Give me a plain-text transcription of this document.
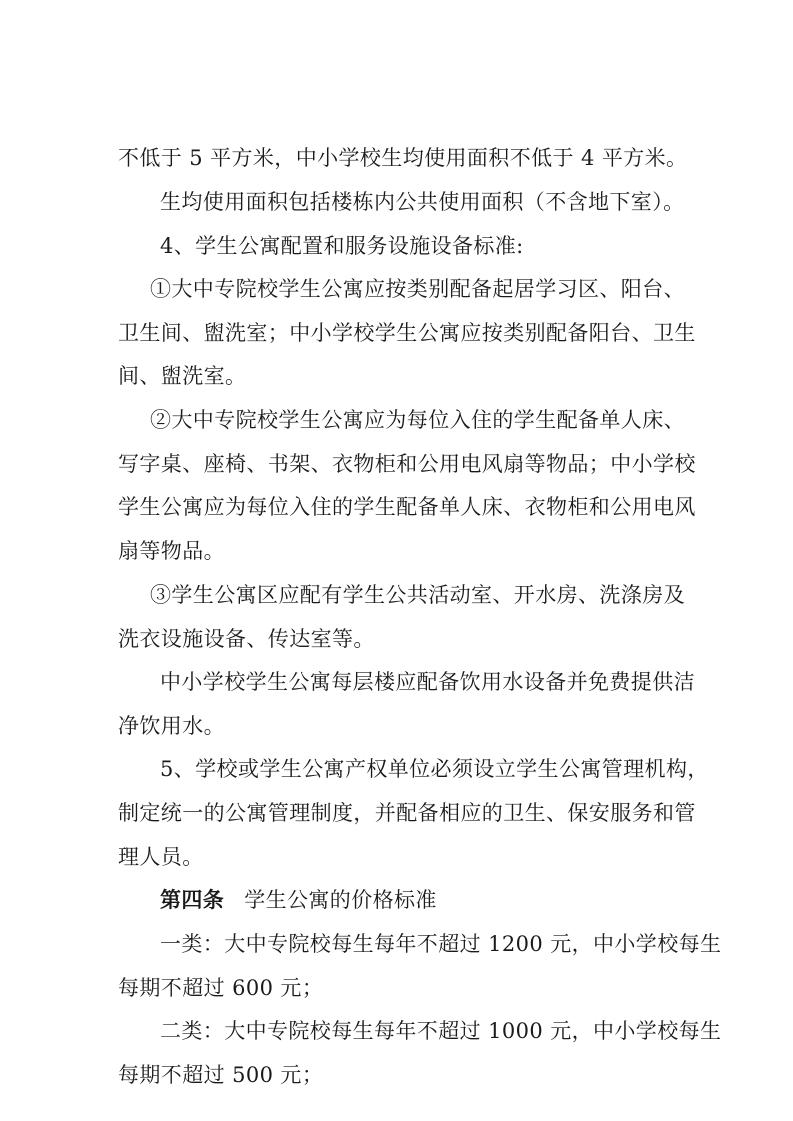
不低于 5 平方米，中小学校生均使用面积不低于 4 平方米。
生均使用面积包括楼栋内公共使用面积（不含地下室）。
4、学生公寓配置和服务设施设备标准:
①大中专院校学生公寓应按类别配备起居学习区、阳台、
卫生间、盥洗室；中小学校学生公寓应按类别配备阳台、卫生
间、盥洗室。
②大中专院校学生公寓应为每位入住的学生配备单人床、
写字桌、座椅、书架、衣物柜和公用电风扇等物品；中小学校
学生公寓应为每位入住的学生配备单人床、衣物柜和公用电风
扇等物品。
③学生公寓区应配有学生公共活动室、开水房、洗涤房及
洗衣设施设备、传达室等。
中小学校学生公寓每层楼应配备饮用水设备并免费提供洁
净饮用水。
5、学校或学生公寓产权单位必须设立学生公寓管理机构，
制定统一的公寓管理制度，并配备相应的卫生、保安服务和管
理人员。
第四条 学生公寓的价格标准
一类：大中专院校每生每年不超过 1200 元，中小学校每生
每期不超过 600 元；
二类：大中专院校每生每年不超过 1000 元，中小学校每生
每期不超过 500 元；
